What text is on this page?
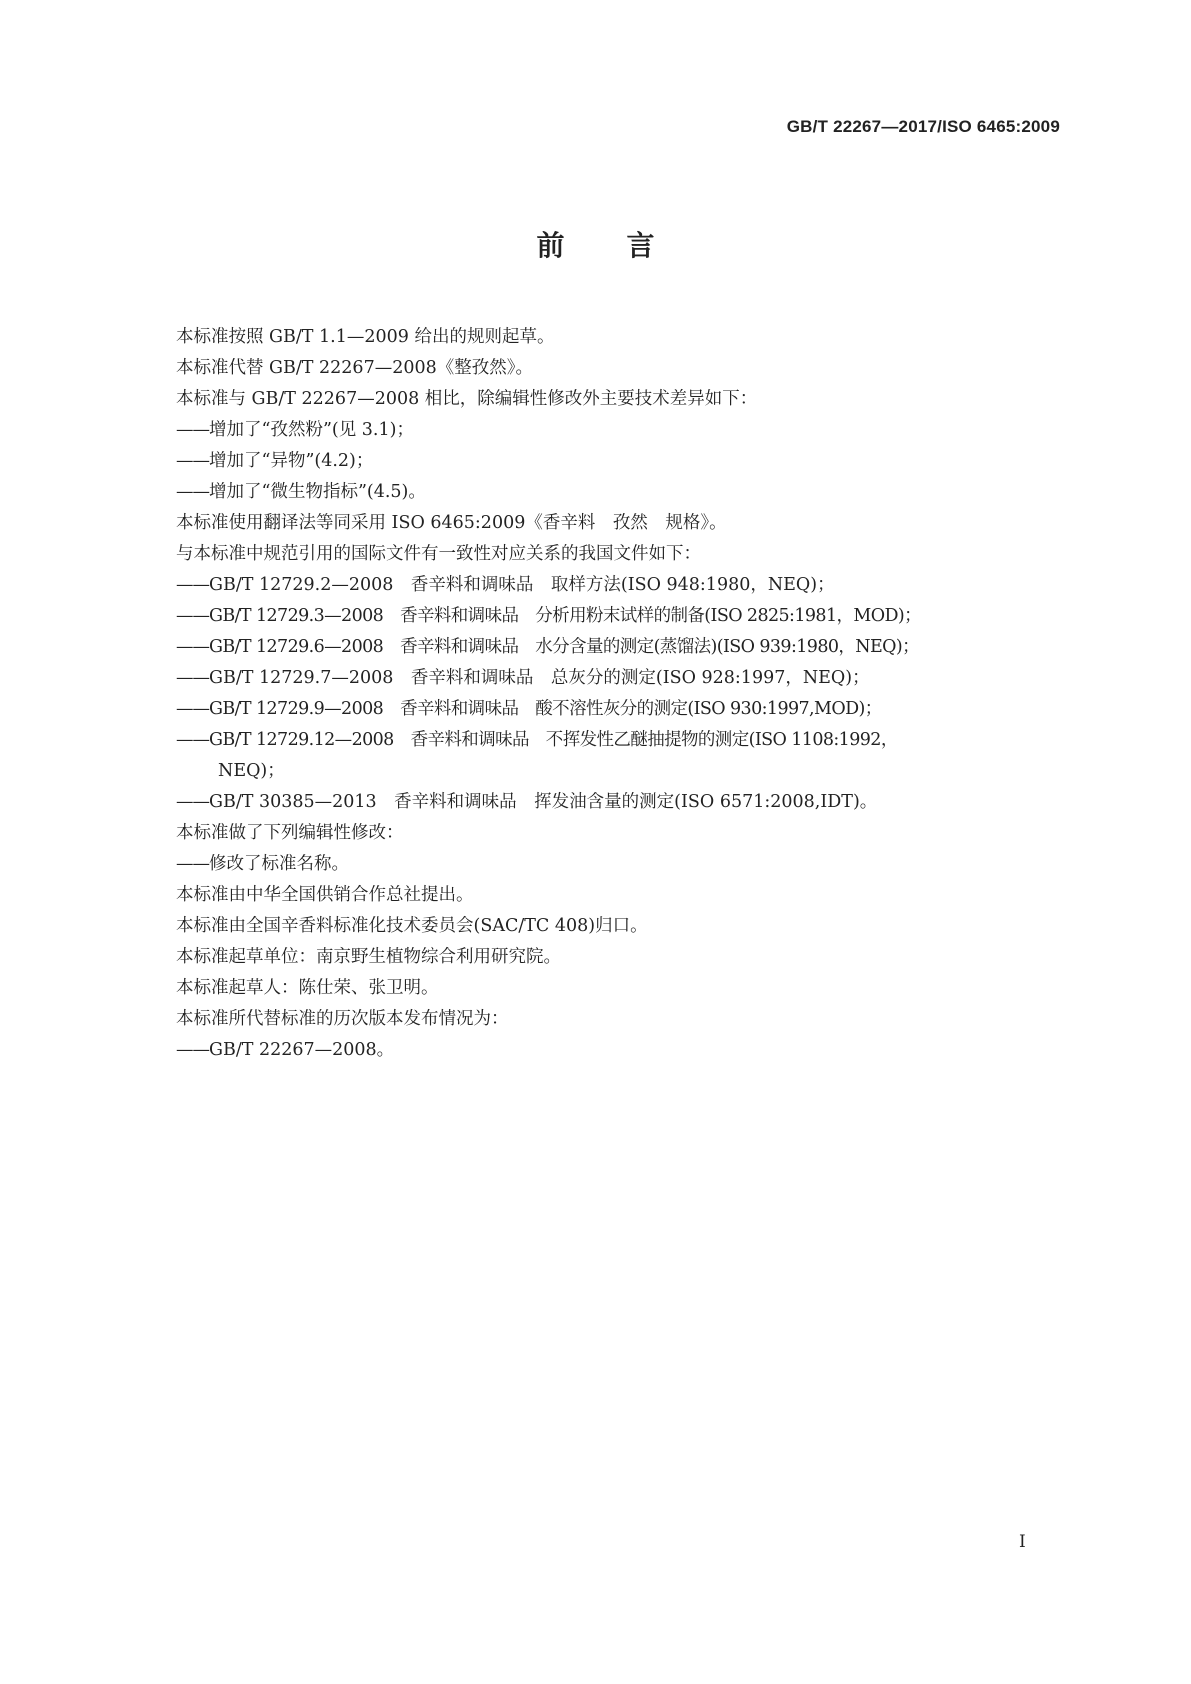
GB/T 22267—2017/ISO 6465:2009
前 言
本标准按照 GB/T 1.1—2009 给出的规则起草。
本标准代替 GB/T 22267—2008《整孜然》。
本标准与 GB/T 22267—2008 相比，除编辑性修改外主要技术差异如下：
——增加了“孜然粉”(见 3.1)；
——增加了“异物”(4.2)；
——增加了“微生物指标”(4.5)。
本标准使用翻译法等同采用 ISO 6465:2009《香辛料　孜然　规格》。
与本标准中规范引用的国际文件有一致性对应关系的我国文件如下：
——GB/T 12729.2—2008　香辛料和调味品　取样方法(ISO 948:1980，NEQ)；
——GB/T 12729.3—2008　香辛料和调味品　分析用粉末试样的制备(ISO 2825:1981，MOD)；
——GB/T 12729.6—2008　香辛料和调味品　水分含量的测定(蒸馏法)(ISO 939:1980，NEQ)；
——GB/T 12729.7—2008　香辛料和调味品　总灰分的测定(ISO 928:1997，NEQ)；
——GB/T 12729.9—2008　香辛料和调味品　酸不溶性灰分的测定(ISO 930:1997,MOD)；
——GB/T 12729.12—2008　香辛料和调味品　不挥发性乙醚抽提物的测定(ISO 1108:1992，
NEQ)；
——GB/T 30385—2013　香辛料和调味品　挥发油含量的测定(ISO 6571:2008,IDT)。
本标准做了下列编辑性修改：
——修改了标准名称。
本标准由中华全国供销合作总社提出。
本标准由全国辛香料标准化技术委员会(SAC/TC 408)归口。
本标准起草单位：南京野生植物综合利用研究院。
本标准起草人：陈仕荣、张卫明。
本标准所代替标准的历次版本发布情况为：
——GB/T 22267—2008。
I
